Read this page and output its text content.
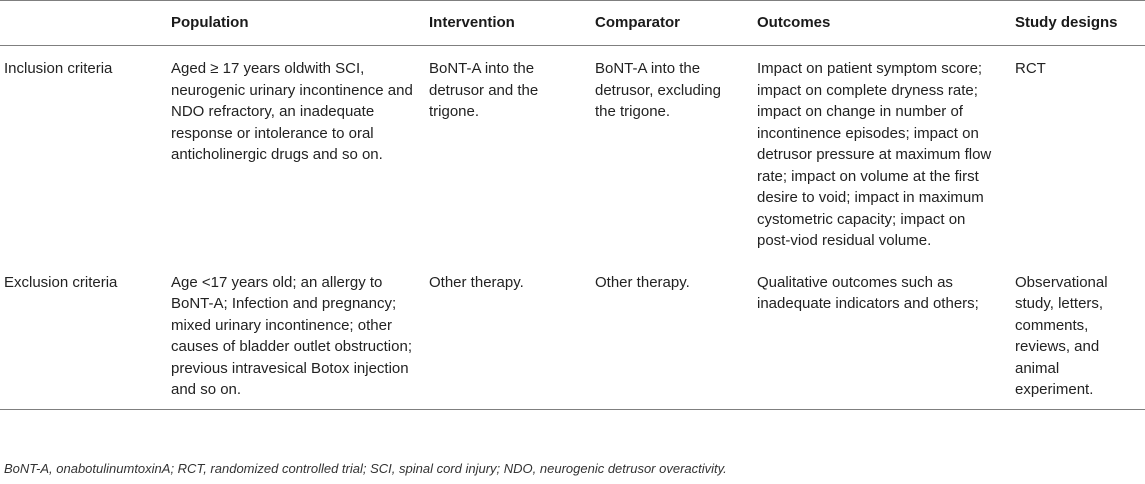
	Population	Intervention	Comparator	Outcomes	Study designs

Inclusion criteria	Aged ≥ 17 years oldwith SCI, neurogenic urinary incontinence and NDO refractory, an inadequate response or intolerance to oral anticholinergic drugs and so on.	BoNT-A into the detrusor and the trigone.	BoNT-A into the detrusor, excluding the trigone.	Impact on patient symptom score; impact on complete dryness rate; impact on change in number of incontinence episodes; impact on detrusor pressure at maximum flow rate; impact on volume at the first desire to void; impact in maximum cystometric capacity; impact on post-viod residual volume.	RCT

Exclusion criteria	Age <17 years old; an allergy to BoNT-A; Infection and pregnancy; mixed urinary incontinence; other causes of bladder outlet obstruction; previous intravesical Botox injection and so on.	Other therapy.	Other therapy.	Qualitative outcomes such as inadequate indicators and others;	Observational study, letters, comments, reviews, and animal experiment.
BoNT-A, onabotulinumtoxinA; RCT, randomized controlled trial; SCI, spinal cord injury; NDO, neurogenic detrusor overactivity.
